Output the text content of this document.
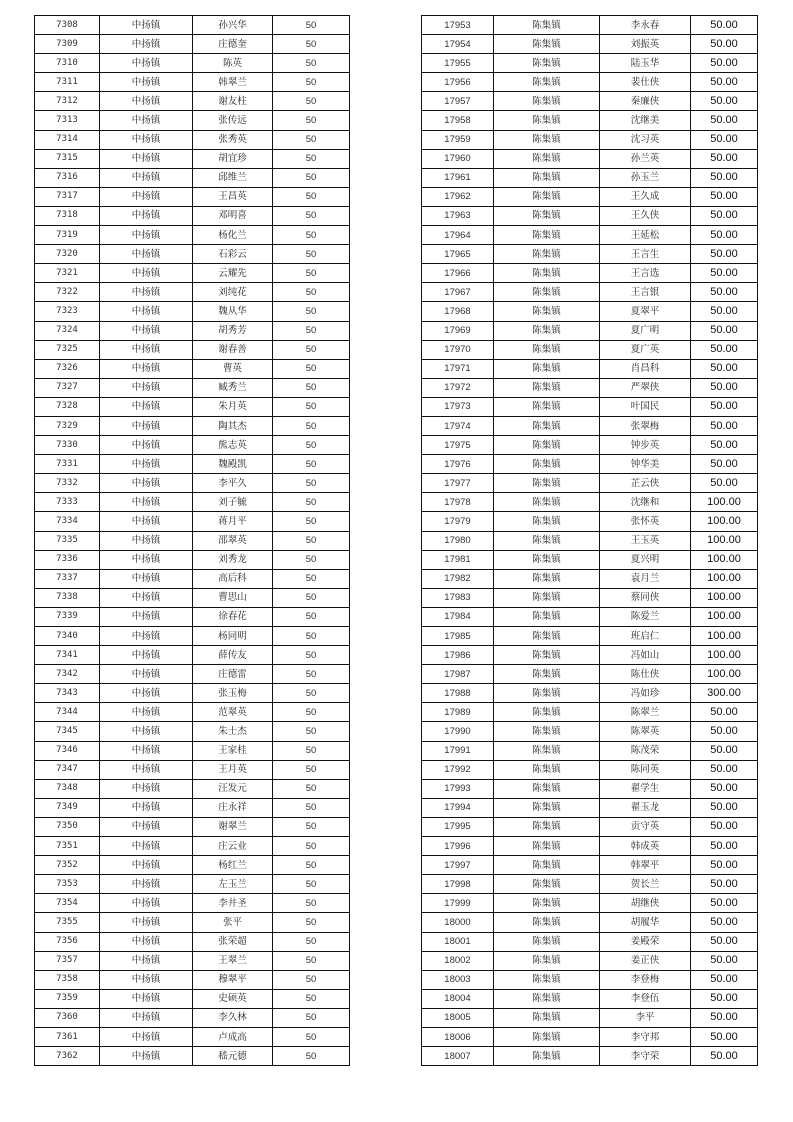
7308	中扬镇	孙兴华	50
7309	中扬镇	庄德奎	50
7310	中扬镇	陈英	50
7311	中扬镇	韩翠兰	50
7312	中扬镇	谢友柱	50
7313	中扬镇	张传远	50
7314	中扬镇	张秀英	50
7315	中扬镇	胡宜珍	50
7316	中扬镇	邱维兰	50
7317	中扬镇	王昌英	50
7318	中扬镇	邓明喜	50
7319	中扬镇	杨化兰	50
7320	中扬镇	石彩云	50
7321	中扬镇	云耀先	50
7322	中扬镇	刘纯花	50
7323	中扬镇	魏从华	50
7324	中扬镇	胡秀芳	50
7325	中扬镇	谢春善	50
7326	中扬镇	曹英	50
7327	中扬镇	臧秀兰	50
7328	中扬镇	朱月英	50
7329	中扬镇	陶其杰	50
7330	中扬镇	熊志英	50
7331	中扬镇	魏殿凯	50
7332	中扬镇	李平久	50
7333	中扬镇	刘子毓	50
7334	中扬镇	蒋月平	50
7335	中扬镇	邵翠英	50
7336	中扬镇	刘秀龙	50
7337	中扬镇	高后科	50
7338	中扬镇	曹思山	50
7339	中扬镇	徐春花	50
7340	中扬镇	杨同明	50
7341	中扬镇	薛传友	50
7342	中扬镇	庄德雷	50
7343	中扬镇	张玉梅	50
7344	中扬镇	范翠英	50
7345	中扬镇	朱士杰	50
7346	中扬镇	王家桂	50
7347	中扬镇	王月英	50
7348	中扬镇	汪发元	50
7349	中扬镇	庄永祥	50
7350	中扬镇	谢翠兰	50
7351	中扬镇	庄云业	50
7352	中扬镇	杨红兰	50
7353	中扬镇	左玉兰	50
7354	中扬镇	李井圣	50
7355	中扬镇	张平	50
7356	中扬镇	张荣超	50
7357	中扬镇	王翠兰	50
7358	中扬镇	穆翠平	50
7359	中扬镇	史硕英	50
7360	中扬镇	李久林	50
7361	中扬镇	卢成高	50
7362	中扬镇	嵇元德	50
17953	陈集镇	李永春	50.00
17954	陈集镇	刘振英	50.00
17955	陈集镇	陆玉华	50.00
17956	陈集镇	裴仕侠	50.00
17957	陈集镇	秦廉侠	50.00
17958	陈集镇	沈继美	50.00
17959	陈集镇	沈习英	50.00
17960	陈集镇	孙兰英	50.00
17961	陈集镇	孙玉兰	50.00
17962	陈集镇	王久成	50.00
17963	陈集镇	王久侠	50.00
17964	陈集镇	王延松	50.00
17965	陈集镇	王言生	50.00
17966	陈集镇	王言选	50.00
17967	陈集镇	王言银	50.00
17968	陈集镇	夏翠平	50.00
17969	陈集镇	夏广明	50.00
17970	陈集镇	夏广英	50.00
17971	陈集镇	肖昌科	50.00
17972	陈集镇	严翠侠	50.00
17973	陈集镇	叶国民	50.00
17974	陈集镇	张翠梅	50.00
17975	陈集镇	钟步英	50.00
17976	陈集镇	钟华美	50.00
17977	陈集镇	芷云侠	50.00
17978	陈集镇	沈继和	100.00
17979	陈集镇	张怀英	100.00
17980	陈集镇	王玉英	100.00
17981	陈集镇	夏兴明	100.00
17982	陈集镇	袁月兰	100.00
17983	陈集镇	蔡同侠	100.00
17984	陈集镇	陈爱兰	100.00
17985	陈集镇	班启仁	100.00
17986	陈集镇	冯如山	100.00
17987	陈集镇	陈仕侠	100.00
17988	陈集镇	冯如珍	300.00
17989	陈集镇	陈翠兰	50.00
17990	陈集镇	陈翠英	50.00
17991	陈集镇	陈茂荣	50.00
17992	陈集镇	陈同英	50.00
17993	陈集镇	翟学生	50.00
17994	陈集镇	翟玉龙	50.00
17995	陈集镇	贡守英	50.00
17996	陈集镇	韩成英	50.00
17997	陈集镇	韩翠平	50.00
17998	陈集镇	贺长兰	50.00
17999	陈集镇	胡继侠	50.00
18000	陈集镇	胡履华	50.00
18001	陈集镇	姜殿荣	50.00
18002	陈集镇	姜正侠	50.00
18003	陈集镇	李登梅	50.00
18004	陈集镇	李登伍	50.00
18005	陈集镇	李平	50.00
18006	陈集镇	李守邦	50.00
18007	陈集镇	李守荣	50.00
